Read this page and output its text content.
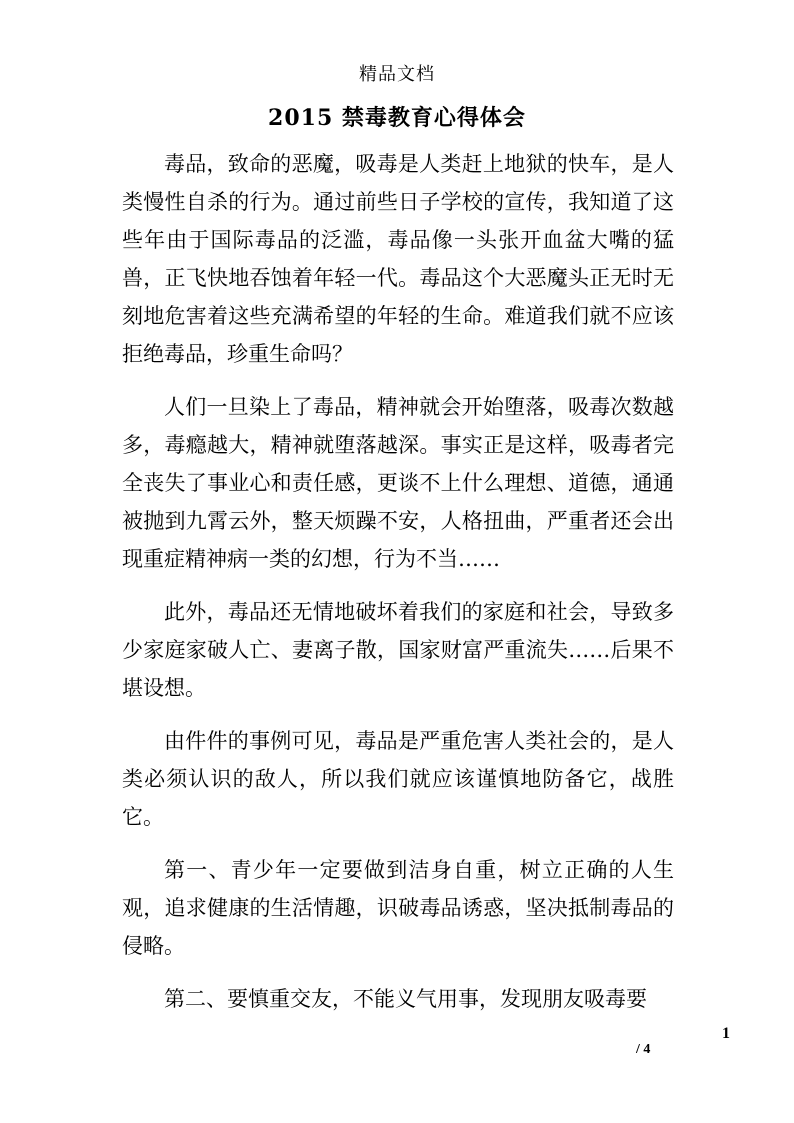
精品文档
2015 禁毒教育心得体会

毒品，致命的恶魔，吸毒是人类赶上地狱的快车，是人类慢性自杀的行为。通过前些日子学校的宣传，我知道了这些年由于国际毒品的泛滥，毒品像一头张开血盆大嘴的猛兽，正飞快地吞蚀着年轻一代。毒品这个大恶魔头正无时无刻地危害着这些充满希望的年轻的生命。难道我们就不应该拒绝毒品，珍重生命吗？

人们一旦染上了毒品，精神就会开始堕落，吸毒次数越多，毒瘾越大，精神就堕落越深。事实正是这样，吸毒者完全丧失了事业心和责任感，更谈不上什么理想、道德，通通被抛到九霄云外，整天烦躁不安，人格扭曲，严重者还会出现重症精神病一类的幻想，行为不当……

此外，毒品还无情地破坏着我们的家庭和社会，导致多少家庭家破人亡、妻离子散，国家财富严重流失……后果不堪设想。

由件件的事例可见，毒品是严重危害人类社会的，是人类必须认识的敌人，所以我们就应该谨慎地防备它，战胜它。

第一、青少年一定要做到洁身自重，树立正确的人生观，追求健康的生活情趣，识破毒品诱惑，坚决抵制毒品的侵略。

第二、要慎重交友，不能义气用事，发现朋友吸毒要

1
/ 4
